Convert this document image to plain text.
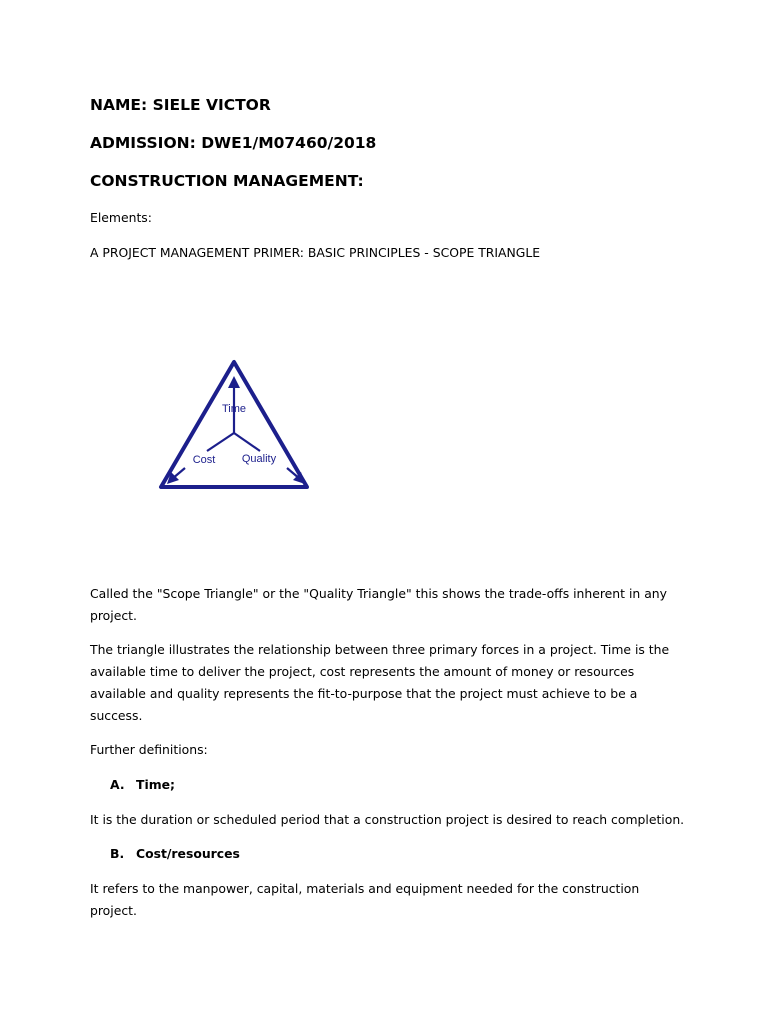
NAME: SIELE VICTOR
ADMISSION: DWE1/M07460/2018
CONSTRUCTION MANAGEMENT:
Elements:
A PROJECT MANAGEMENT PRIMER: BASIC PRINCIPLES - SCOPE TRIANGLE
Time
Cost Quality
Called the "Scope Triangle" or the "Quality Triangle" this shows the trade-offs inherent in any project.
The triangle illustrates the relationship between three primary forces in a project. Time is the available time to deliver the project, cost represents the amount of money or resources available and quality represents the fit-to-purpose that the project must achieve to be a success.
Further definitions:
A. Time;
It is the duration or scheduled period that a construction project is desired to reach completion.
B. Cost/resources
It refers to the manpower, capital, materials and equipment needed for the construction project.
